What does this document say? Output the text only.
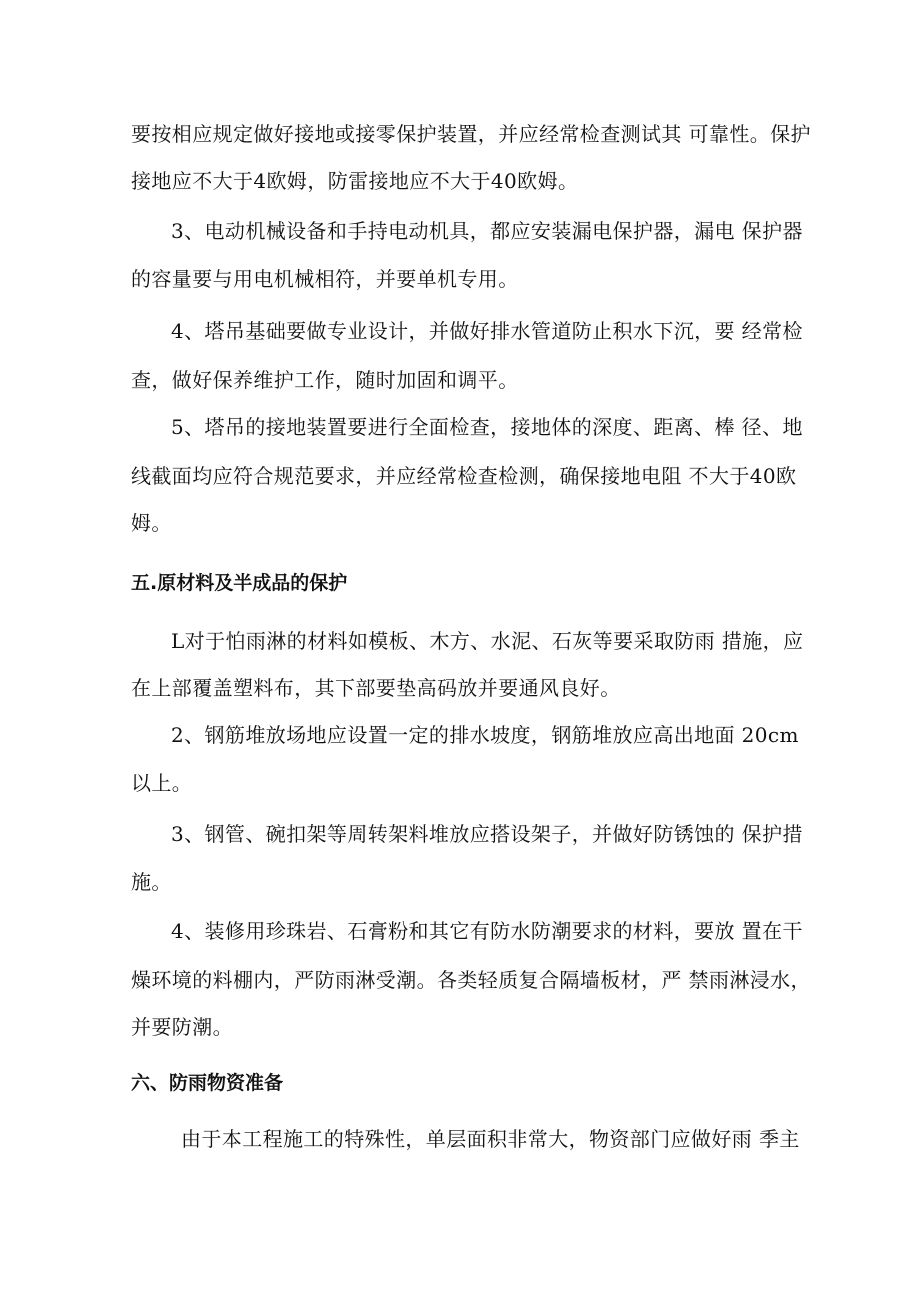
要按相应规定做好接地或接零保护装置，并应经常检查测试其 可靠性。保护
接地应不大于4欧姆，防雷接地应不大于40欧姆。
3、电动机械设备和手持电动机具，都应安装漏电保护器，漏电 保护器
的容量要与用电机械相符，并要单机专用。
4、塔吊基础要做专业设计，并做好排水管道防止积水下沉，要 经常检
查，做好保养维护工作，随时加固和调平。
5、塔吊的接地装置要进行全面检查，接地体的深度、距离、棒 径、地
线截面均应符合规范要求，并应经常检查检测，确保接地电阻 不大于40欧
姆。
五.原材料及半成品的保护
L对于怕雨淋的材料如模板、木方、水泥、石灰等要采取防雨 措施，应
在上部覆盖塑料布，其下部要垫高码放并要通风良好。
2、钢筋堆放场地应设置一定的排水坡度，钢筋堆放应高出地面 20cm
以上。
3、钢管、碗扣架等周转架料堆放应搭设架子，并做好防锈蚀的 保护措
施。
4、装修用珍珠岩、石膏粉和其它有防水防潮要求的材料，要放 置在干
燥环境的料棚内，严防雨淋受潮。各类轻质复合隔墙板材，严 禁雨淋浸水，
并要防潮。
六、防雨物资准备
由于本工程施工的特殊性，单层面积非常大，物资部门应做好雨 季主
